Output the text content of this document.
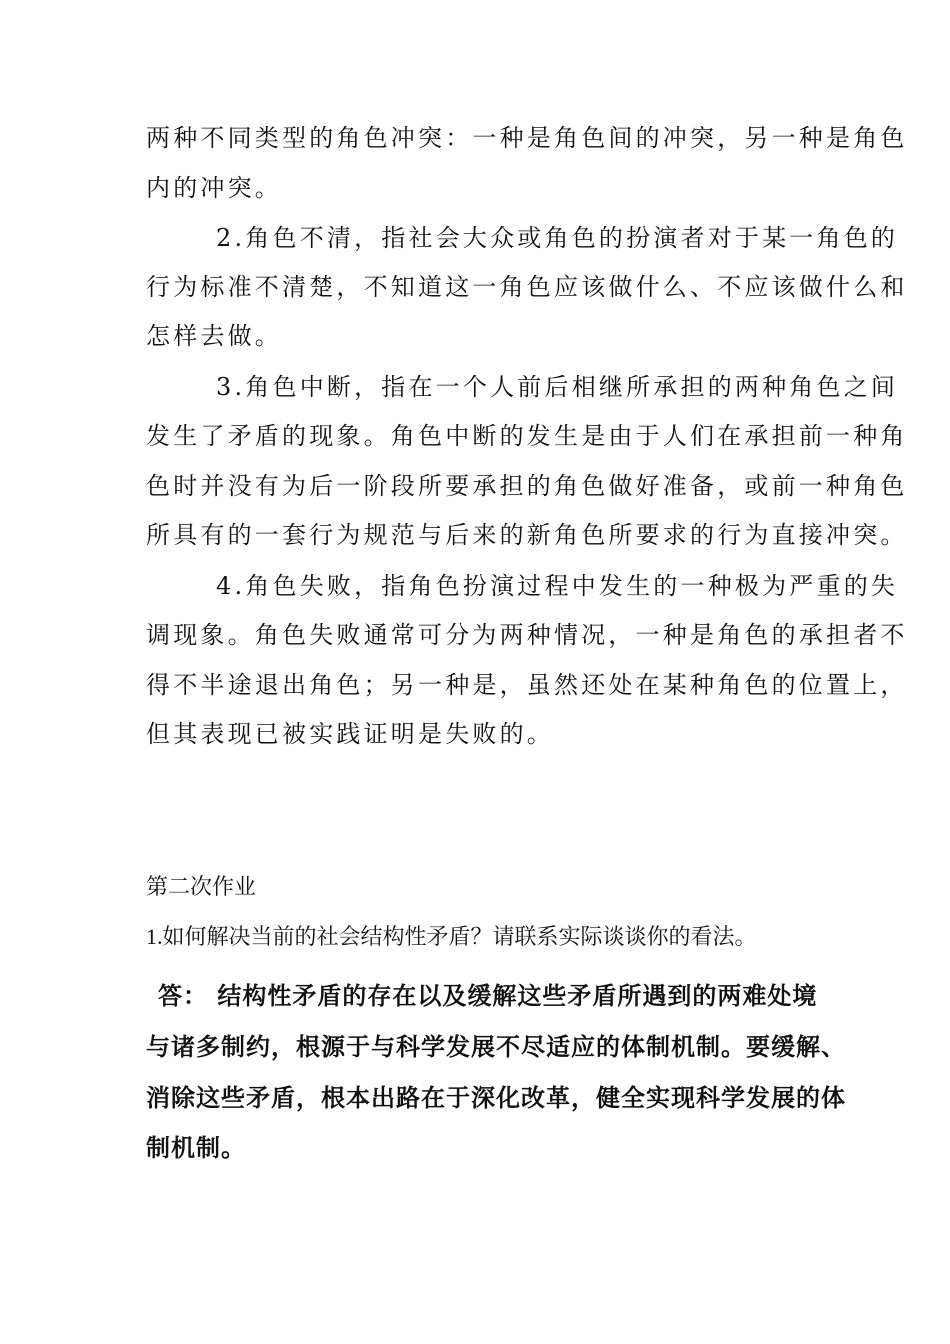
两种不同类型的角色冲突：一种是角色间的冲突，另一种是角色

内的冲突。

2.角色不清，指社会大众或角色的扮演者对于某一角色的

行为标准不清楚，不知道这一角色应该做什么、不应该做什么和

怎样去做。

3.角色中断，指在一个人前后相继所承担的两种角色之间

发生了矛盾的现象。角色中断的发生是由于人们在承担前一种角

色时并没有为后一阶段所要承担的角色做好准备，或前一种角色

所具有的一套行为规范与后来的新角色所要求的行为直接冲突。

4.角色失败，指角色扮演过程中发生的一种极为严重的失

调现象。角色失败通常可分为两种情况，一种是角色的承担者不

得不半途退出角色；另一种是，虽然还处在某种角色的位置上，

但其表现已被实践证明是失败的。

第二次作业

1.如何解决当前的社会结构性矛盾？请联系实际谈谈你的看法。

答： 结构性矛盾的存在以及缓解这些矛盾所遇到的两难处境

与诸多制约，根源于与科学发展不尽适应的体制机制。要缓解、

消除这些矛盾，根本出路在于深化改革，健全实现科学发展的体

制机制。
